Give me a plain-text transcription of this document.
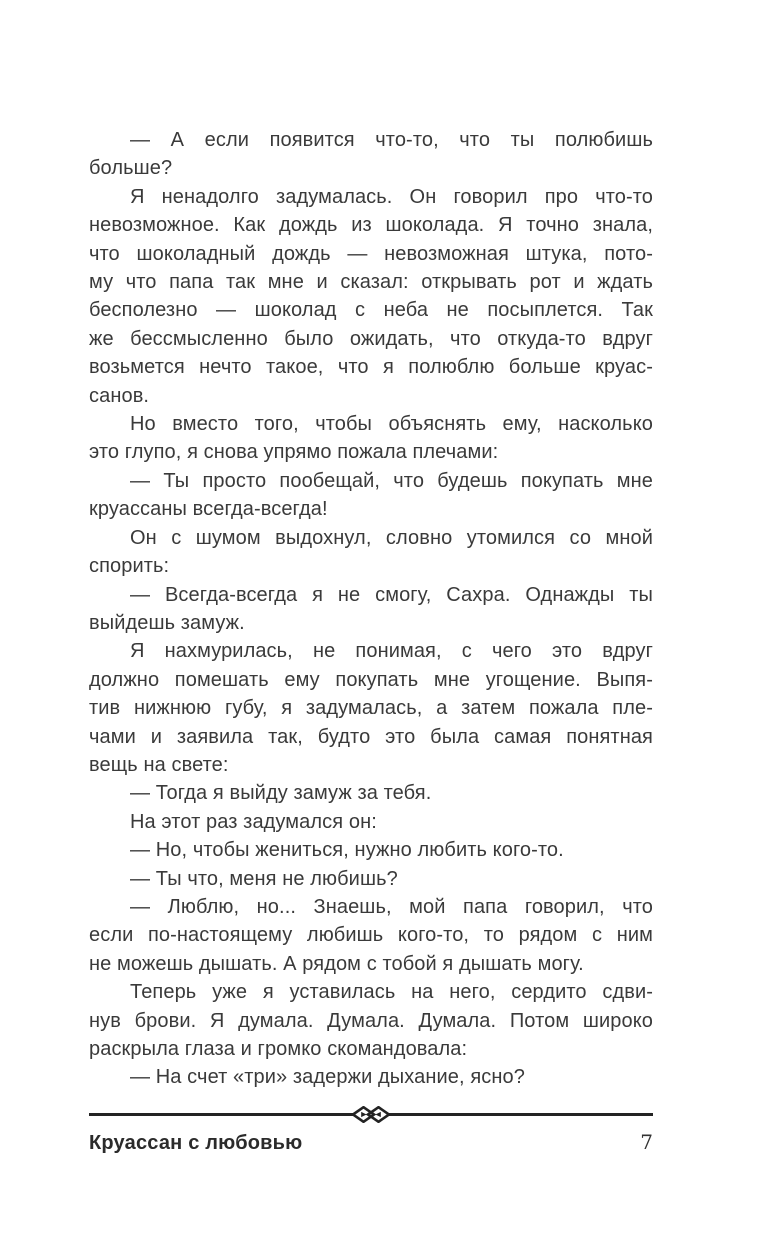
— А если появится что-то, что ты полюбишь
больше?
Я ненадолго задумалась. Он говорил про что-то
невозможное. Как дождь из шоколада. Я точно знала,
что шоколадный дождь — невозможная штука, пото-
му что папа так мне и сказал: открывать рот и ждать
бесполезно — шоколад с неба не посыплется. Так
же бессмысленно было ожидать, что откуда-то вдруг
возьмется нечто такое, что я полюблю больше круас-
санов.
Но вместо того, чтобы объяснять ему, насколько
это глупо, я снова упрямо пожала плечами:
— Ты просто пообещай, что будешь покупать мне
круассаны всегда-всегда!
Он с шумом выдохнул, словно утомился со мной
спорить:
— Всегда-всегда я не смогу, Сахра. Однажды ты
выйдешь замуж.
Я нахмурилась, не понимая, с чего это вдруг
должно помешать ему покупать мне угощение. Выпя-
тив нижнюю губу, я задумалась, а затем пожала пле-
чами и заявила так, будто это была самая понятная
вещь на свете:
— Тогда я выйду замуж за тебя.
На этот раз задумался он:
— Но, чтобы жениться, нужно любить кого-то.
— Ты что, меня не любишь?
— Люблю, но... Знаешь, мой папа говорил, что
если по-настоящему любишь кого-то, то рядом с ним
не можешь дышать. А рядом с тобой я дышать могу.
Теперь уже я уставилась на него, сердито сдви-
нув брови. Я думала. Думала. Думала. Потом широко
раскрыла глаза и громко скомандовала:
— На счет «три» задержи дыхание, ясно?
Круассан с любовью	7
